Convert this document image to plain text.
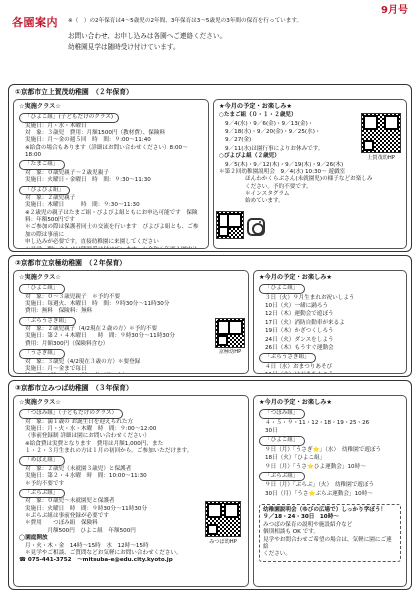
9月号
各園案内 ※（　）の2年保育は4～5歳児の2年間、3年保育は3～5歳児の3年間の保育を行っています。
お問い合わせ、お申し込みは各園へご連絡ください。
幼稚園見学は随時受け付けています。
①京都市立上賀茂幼稚園　（２年保育）
☆実施クラス☆
「ひよこ組」(子どもだけのクラス)
実施日：月・水・木曜日
対　象：３歳児　費用：月額1500円（教材費）、保険料
実施日：月～金の週５回　時　間：９:00～11:40
※給食の場合もあります（詳細はお問い合わせください）8:00～18:00
「たまご組」
対　象：０歳児親子～２歳児親子
実施日：火曜日・金曜日　時　間：９:30～11:30
「ぴよぴよ組」
対　象：２歳児親子
実施日：木曜日　　　時　間：９:30～11:30
※２歳児の親子はたまご組・ぴよぴよ組ともにお申込可能です　保険料：年額500円です
＊ご参加の際は保護者同士の交流を行います　ぴよぴよ組とも、ご参加の際は事前に
申し込みが必要です。直接幼稚園に来園してください
★今月の予定・お楽しみ★
○たまご組（０・１・２歳児）
9／4(水)・9／6(金)・9／13(金)・
9／18(水)・9／20(金)・9／25(水)・
9／27(金)
9／11(水)は園行事によりお休みです。
○ぴよぴよ組（２歳児）
9／5(木)・9／12(木)・9／19(木)・9／26(木)
＊第２回幼稚園説明会　9／4(水) 10:30～ 遊戯室
ほんわかくらぶさん(未就園児)の様子などお楽しみ
ください。予約不要です。
＊インスタグラム
始めています。
上賀茂幼HP
②京都市立京極幼稚園　（２年保育）
☆実施クラス☆
「ひよこ組」
対　象：０～３歳児親子　＊予約不要
実施日：毎週火、木曜日　時　間：９時30分～11時30分
費用：無料　保険料：無料
「ぶらうさぎ組」
対　象：２歳児親子（4/2現在２歳の方）＊予約不要
実施日：第２・４木曜日　　時　間：９時30分～11時30分
費用：月額300円（保険料含む）
「うさぎ組」
対　象：３歳児（4/2現在３歳の方）＊要登録
実施日：月～金まで毎日
京極幼HP
★今月の予定・お楽しみ★
「ひよこ組」
３日（火）９月生まれお祝いしよう
10日（火）一緒に踊ろう
12日（木）運動会で遊ぼう
17日（火）消防自動車が来るよ
19日（木）かざつくしろう
24日（火）ダンスをしよう
26日（木）もうすぐ運動会
「ぶらうさぎ組」
４日（水）おまつりあそび
③京都市立みつば幼稚園　（３年保育）
☆実施クラス☆
「つぼみ組」（子どもだけのクラス）
対　象：満１歳の お誕生日を迎えられた方
実施日：月・火・水・木曜　時　間：９:00～12:00
（事前登録制 詳細は園にお問い合わせください）
※給食費は実費となります　費用は月額1,000円、また
１・２・３月生まれの方は１月の初回から。ご参加いただけます。
「めばえ組」
対　象：２歳児（未就園３歳児）と保護者
実施日：第２・４水曜　時　間：10:00～11:30
＊予約不要です
「ぶらぶ組」
対　象：０歳児～未就園児と保護者
実施日：火曜日　時　間：９時30分～11時30分
＊ぷらぶ組は事前登録が必要です
＊費用　　つぼみ組　保険料
　　　　月額500円　ひよこ組　年額500円
◯園庭開放
月・火・木・金　14時～15時　水　12時～15時
＊見学やご相談、ご質問などお気軽にお問い合わせください。
☎ 075-441-3752　～mitsuba-e@edu.city.kyoto.jp
みつば幼HP
★今月の予定・お楽しみ★
「つぼみ組」
４・５・９・11・12・18・19・25・26
30日
「ひよこ組」
９日（月）「うさぎ⭐」（水）　幼稚園で遊ぼう
18日（火）「ひよこ組」
９日（月）「うさ⭐ひよ運動会」10時～
「ぶらぶ組」
９日（月）「ぶらぶ」（火）　幼稚園で遊ぼう
30日（月）「うさ⭐ぶらぶ運動会」10時～
幼稚園説明会（ゆびの広場で）しっかり学ぼう！
９／18・24・30日　10時～
みつばの保育の説明や施設紹介など
個別相談も OK です。
見学やお問合わせご希望の場合は、気軽に園にご連絡
ください。
